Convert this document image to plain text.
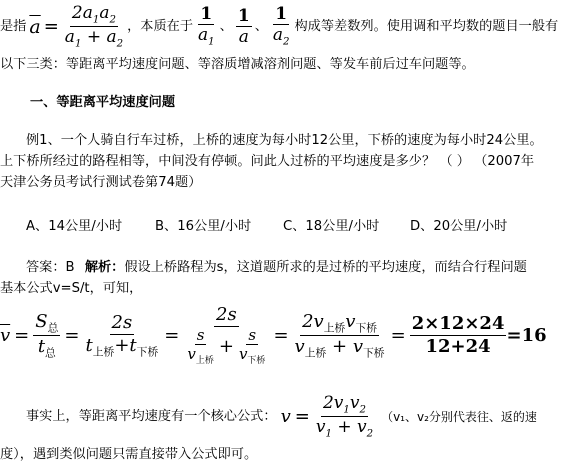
是指 $\overline{a} = \frac{2a_1a_2}{a_1 + a_2}$ ，本质在于 $\frac{1}{a_1}$ 、 $\frac{1}{a}$ 、 $\frac{1}{a_2}$ 构成等差数列。使用调和平均数的题目一般有
以下三类：等距离平均速度问题、等溶质增减溶剂问题、等发车前后过车问题等。
一、等距离平均速度问题
例1、一个人骑自行车过桥，上桥的速度为每小时12公里，下桥的速度为每小时24公里。
上下桥所经过的路程相等，中间没有停顿。问此人过桥的平均速度是多少？ （ ） （2007年
天津公务员考试行测试卷第74题）
A、14公里/小时 B、16公里/小时 C、18公里/小时 D、20公里/小时
答案：B 解析：假设上桥路程为s，这道题所求的是过桥的平均速度，而结合行程问题
基本公式v=S/t，可知，
$\overline{v} = \frac{S_总}{t_总} = \frac{2s}{t_{上桥}+t_{下桥}} = \frac{2s}{\frac{s}{v_{上桥}} + \frac{s}{v_{下桥}}} = \frac{2v_{上桥}v_{下桥}}{v_{上桥} + v_{下桥}} = \frac{2\times 12\times 24}{12+24} =16$
事实上，等距离平均速度有一个核心公式： $v = \frac{2v_1v_2}{v_1 + v_2} (v_1$、v₂分别代表往、返的速
度），遇到类似问题只需直接带入公式即可。
